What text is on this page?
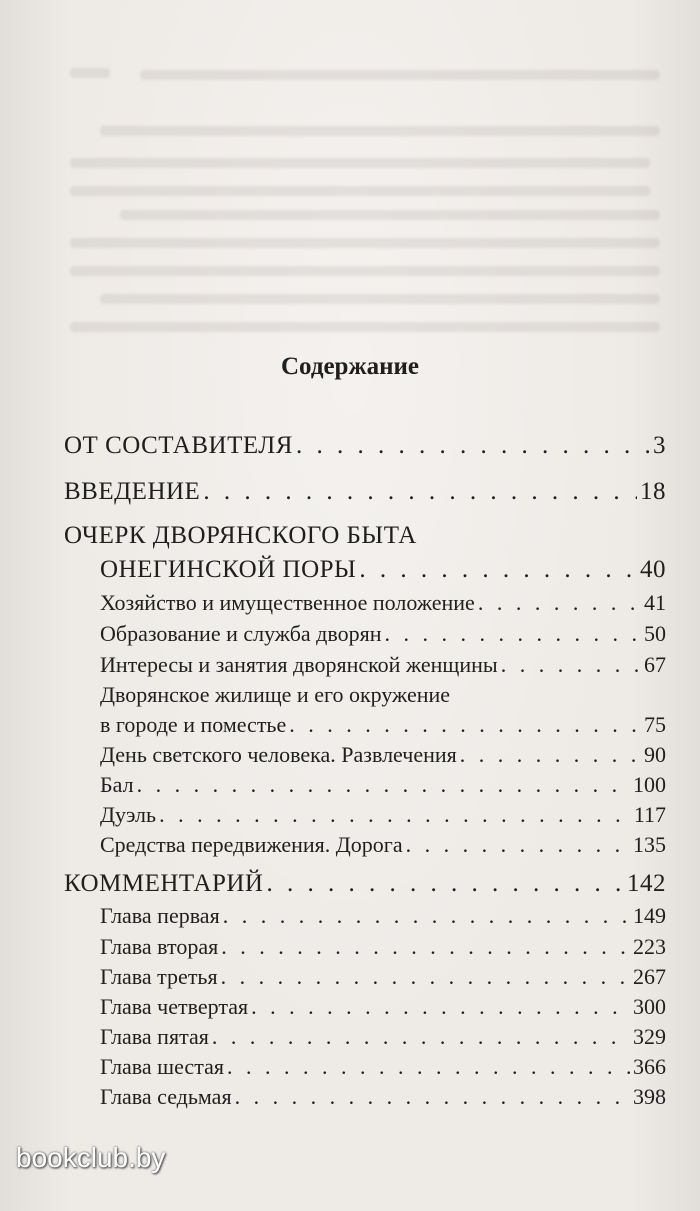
Содержание
ОТ СОСТАВИТЕЛЯ . . .	3
ВВЕДЕНИЕ . . .	18
ОЧЕРК ДВОРЯНСКОГО БЫТА
ОНЕГИНСКОЙ ПОРЫ . . .	40
Хозяйство и имущественное положение . . .	41
Образование и служба дворян . . .	50
Интересы и занятия дворянской женщины . . .	67
Дворянское жилище и его окружение
в городе и поместье . . .	75
День светского человека. Развлечения . . .	90
Бал . . .	100
Дуэль . . .	117
Средства передвижения. Дорога . . .	135
КОММЕНТАРИЙ . . .	142
Глава первая . . .	149
Глава вторая . . .	223
Глава третья . . .	267
Глава четвертая . . .	300
Глава пятая . . .	329
Глава шестая . . .	366
Глава седьмая . . .	398
bookclub.by
